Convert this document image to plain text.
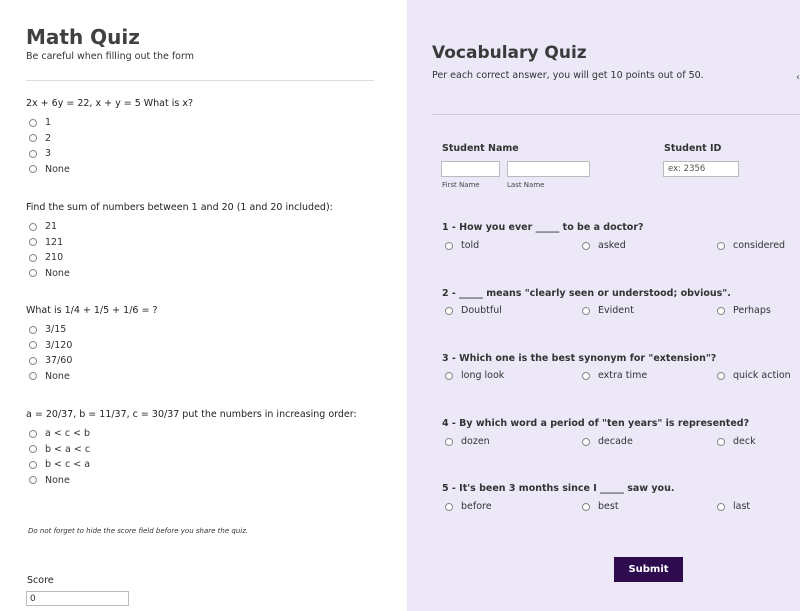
Math Quiz
Be careful when filling out the form
2x + 6y = 22, x + y = 5 What is x?
1
2
3
None
Find the sum of numbers between 1 and 20 (1 and 20 included):
21
121
210
None
What is 1/4 + 1/5 + 1/6 = ?
3/15
3/120
37/60
None
a = 20/37, b = 11/37, c = 30/37 put the numbers in increasing order:
a < c < b
b < a < c
b < c < a
None
Do not forget to hide the score field before you share the quiz.
Score
0
Vocabulary Quiz
Per each correct answer, you will get 10 points out of 50.	‹
Student Name
First Name	Last Name
Student ID
ex: 2356
1 - How you ever _____ to be a doctor?
told	asked	considered
2 - _____ means "clearly seen or understood; obvious".
Doubtful	Evident	Perhaps
3 - Which one is the best synonym for "extension"?
long look	extra time	quick action
4 - By which word a period of "ten years" is represented?
dozen	decade	deck
5 - It's been 3 months since I _____ saw you.
before	best	last
Submit
